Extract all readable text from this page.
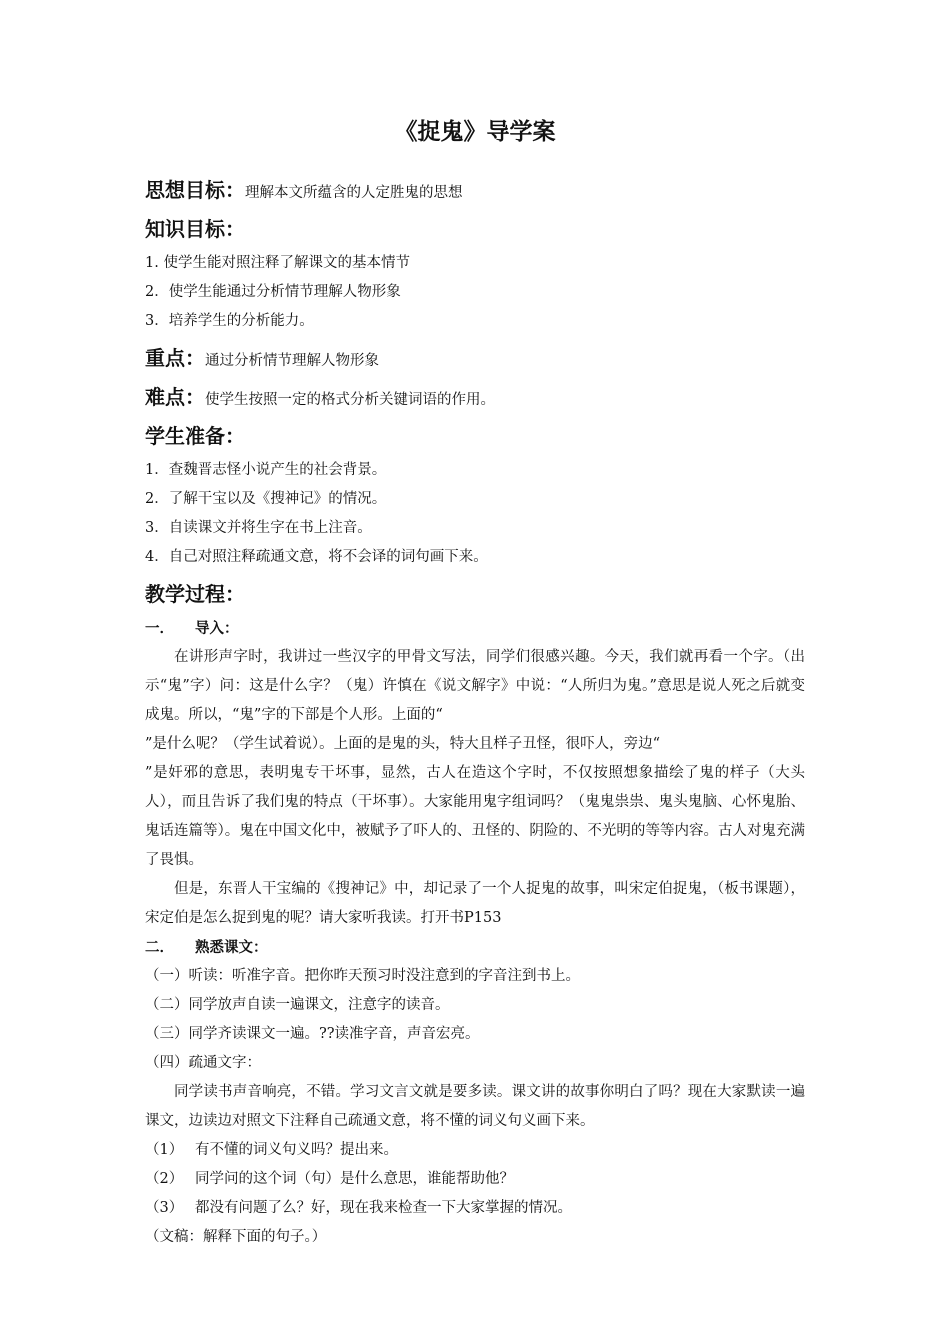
《捉鬼》导学案

思想目标：理解本文所蕴含的人定胜鬼的思想

知识目标：

1. 使学生能对照注释了解课文的基本情节

2．使学生能通过分析情节理解人物形象

3．培养学生的分析能力。

重点：通过分析情节理解人物形象

难点：使学生按照一定的格式分析关键词语的作用。

学生准备：

1．查魏晋志怪小说产生的社会背景。

2．了解干宝以及《搜神记》的情况。

3．自读课文并将生字在书上注音。

4．自己对照注释疏通文意，将不会译的词句画下来。

教学过程：

一． 导入：

在讲形声字时，我讲过一些汉字的甲骨文写法，同学们很感兴趣。今天，我们就再看一个字。（出示“鬼”字）问：这是什么字？（鬼）许慎在《说文解字》中说：“人所归为鬼。”意思是说人死之后就变成鬼。所以，“鬼”字的下部是个人形。上面的“

”是什么呢？（学生试着说）。上面的是鬼的头，特大且样子丑怪，很吓人，旁边“

”是奸邪的意思，表明鬼专干坏事，显然，古人在造这个字时，不仅按照想象描绘了鬼的样子（大头人），而且告诉了我们鬼的特点（干坏事）。大家能用鬼字组词吗？（鬼鬼祟祟、鬼头鬼脑、心怀鬼胎、鬼话连篇等）。鬼在中国文化中，被赋予了吓人的、丑怪的、阴险的、不光明的等等内容。古人对鬼充满了畏惧。

但是，东晋人干宝编的《搜神记》中，却记录了一个人捉鬼的故事，叫宋定伯捉鬼，（板书课题），宋定伯是怎么捉到鬼的呢？请大家听我读。打开书P153

二． 熟悉课文：

（一）听读：听准字音。把你昨天预习时没注意到的字音注到书上。

（二）同学放声自读一遍课文，注意字的读音。

（三）同学齐读课文一遍。??读准字音，声音宏亮。

（四）疏通文字：

同学读书声音响亮，不错。学习文言文就是要多读。课文讲的故事你明白了吗？现在大家默读一遍课文，边读边对照文下注释自己疏通文意，将不懂的词义句义画下来。

（1） 有不懂的词义句义吗？提出来。

（2） 同学问的这个词（句）是什么意思，谁能帮助他？

（3） 都没有问题了么？好，现在我来检查一下大家掌握的情况。

（文稿：解释下面的句子。）
